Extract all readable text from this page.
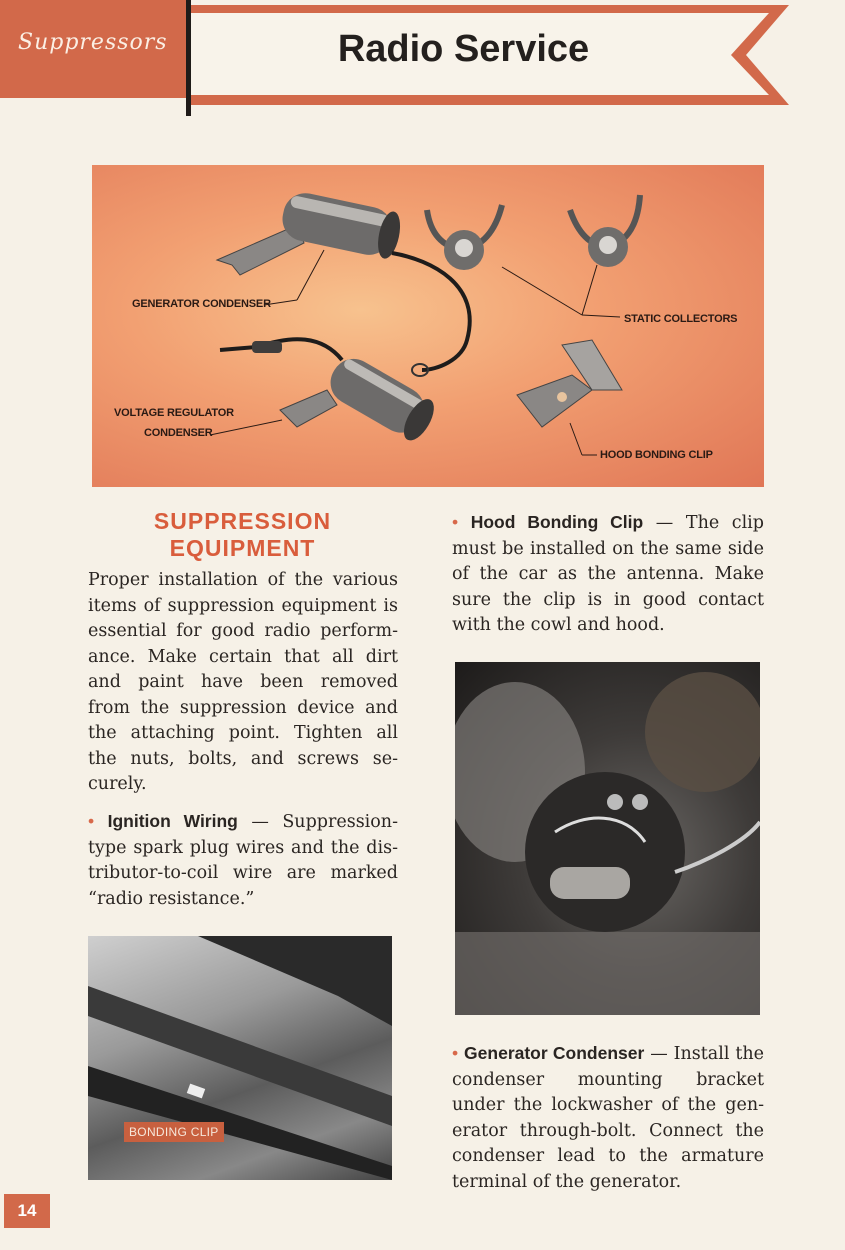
Suppressors	Radio Service
GENERATOR CONDENSER
STATIC COLLECTORS
VOLTAGE REGULATOR
CONDENSER
HOOD BONDING CLIP
SUPPRESSION
EQUIPMENT
Proper installation of the various items of suppression equipment is essential for good radio perform-ance. Make certain that all dirt and paint have been removed from the suppression device and the attaching point. Tighten all the nuts, bolts, and screws se-curely.
• Ignition Wiring — Suppression-type spark plug wires and the dis-tributor-to-coil wire are marked “radio resistance.”
BONDING CLIP
• Hood Bonding Clip — The clip must be installed on the same side of the car as the antenna. Make sure the clip is in good contact with the cowl and hood.
• Generator Condenser — Install the condenser mounting bracket under the lockwasher of the gen-erator through-bolt. Connect the condenser lead to the armature terminal of the generator.
14
